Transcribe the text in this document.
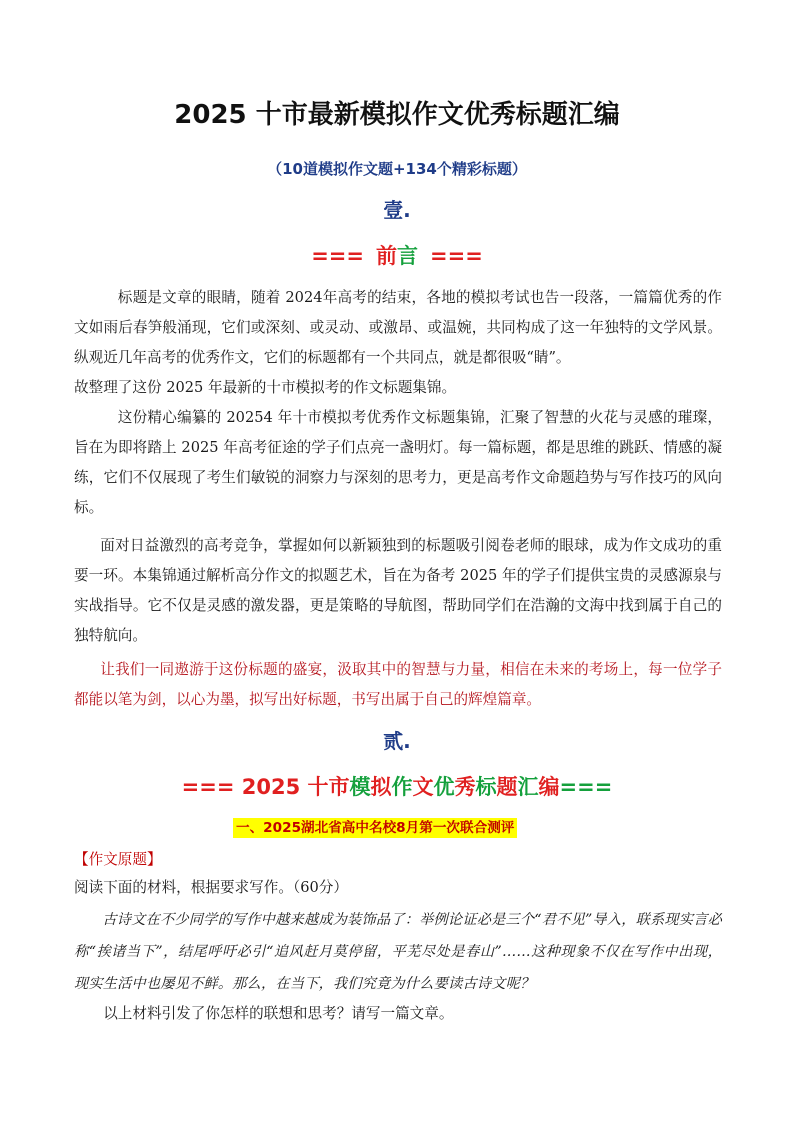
2025 十市最新模拟作文优秀标题汇编
（10道模拟作文题+134个精彩标题）
壹.
=== 前言 ===

标题是文章的眼睛，随着 2024年高考的结束，各地的模拟考试也告一段落，一篇篇优秀的作文如雨后春笋般涌现，它们或深刻、或灵动、或激昂、或温婉，共同构成了这一年独特的文学风景。纵观近几年高考的优秀作文，它们的标题都有一个共同点，就是都很吸“睛”。

故整理了这份 2025 年最新的十市模拟考的作文标题集锦。

这份精心编纂的 20254 年十市模拟考优秀作文标题集锦，汇聚了智慧的火花与灵感的璀璨，旨在为即将踏上 2025 年高考征途的学子们点亮一盏明灯。每一篇标题，都是思维的跳跃、情感的凝练，它们不仅展现了考生们敏锐的洞察力与深刻的思考力，更是高考作文命题趋势与写作技巧的风向标。

面对日益激烈的高考竞争，掌握如何以新颖独到的标题吸引阅卷老师的眼球，成为作文成功的重要一环。本集锦通过解析高分作文的拟题艺术，旨在为备考 2025 年的学子们提供宝贵的灵感源泉与实战指导。它不仅是灵感的激发器，更是策略的导航图，帮助同学们在浩瀚的文海中找到属于自己的独特航向。

让我们一同遨游于这份标题的盛宴，汲取其中的智慧与力量，相信在未来的考场上，每一位学子都能以笔为剑，以心为墨，拟写出好标题，书写出属于自己的辉煌篇章。

贰.
=== 2025 十市模拟作文优秀标题汇编===
一、2025湖北省高中名校8月第一次联合测评
【作文原题】
阅读下面的材料，根据要求写作。（60分）

古诗文在不少同学的写作中越来越成为装饰品了：举例论证必是三个“君不见”导入，联系现实言必称“挨诸当下”，结尾呼吁必引“追风赶月莫停留，平芜尽处是春山”……这种现象不仅在写作中出现，现实生活中也屡见不鲜。那么，在当下，我们究竟为什么要读古诗文呢？

以上材料引发了你怎样的联想和思考？请写一篇文章。
